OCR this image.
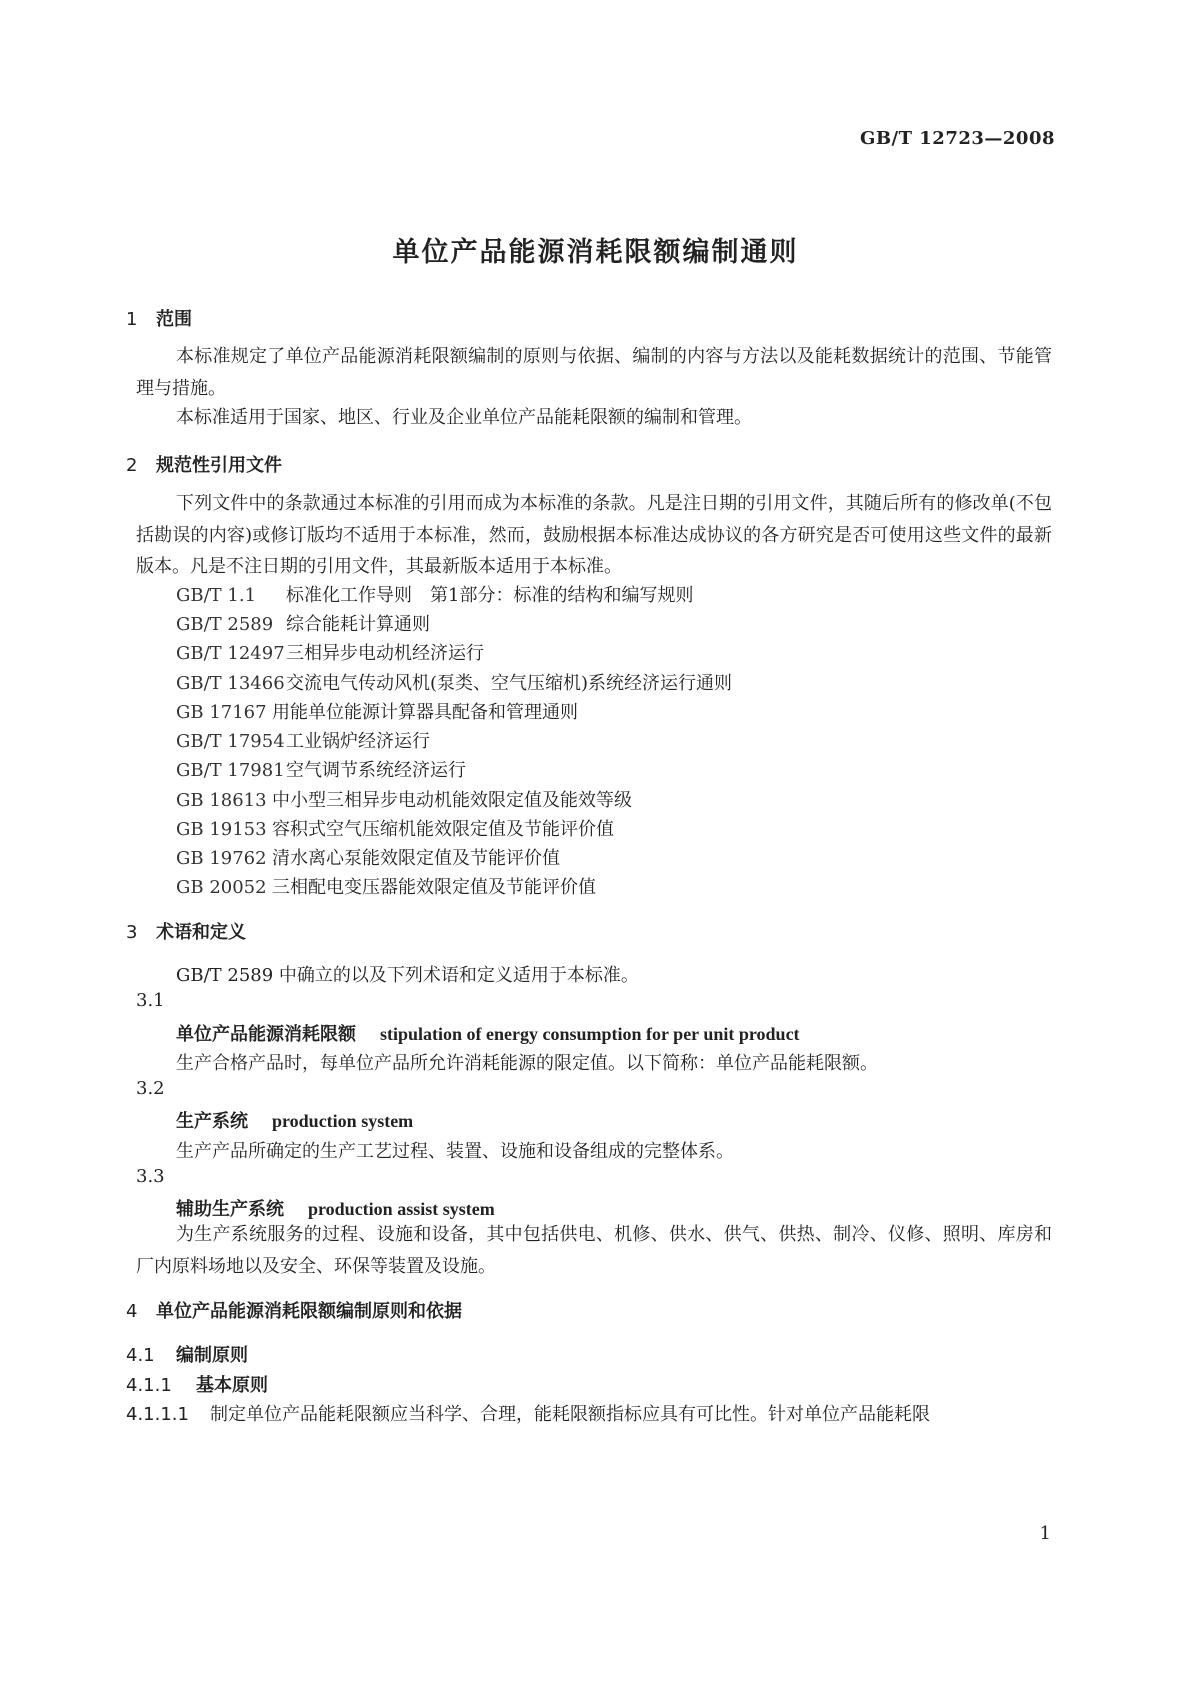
GB/T 12723—2008
单位产品能源消耗限额编制通则
1 范围
本标准规定了单位产品能源消耗限额编制的原则与依据、编制的内容与方法以及能耗数据统计的范围、节能管理与措施。
本标准适用于国家、地区、行业及企业单位产品能耗限额的编制和管理。
2 规范性引用文件
下列文件中的条款通过本标准的引用而成为本标准的条款。凡是注日期的引用文件，其随后所有的修改单(不包括勘误的内容)或修订版均不适用于本标准，然而，鼓励根据本标准达成协议的各方研究是否可使用这些文件的最新版本。凡是不注日期的引用文件，其最新版本适用于本标准。
GB/T 1.1 标准化工作导则　第1部分：标准的结构和编写规则
GB/T 2589 综合能耗计算通则
GB/T 12497三相异步电动机经济运行
GB/T 13466交流电气传动风机(泵类、空气压缩机)系统经济运行通则
GB 17167 用能单位能源计算器具配备和管理通则
GB/T 17954工业锅炉经济运行
GB/T 17981空气调节系统经济运行
GB 18613 中小型三相异步电动机能效限定值及能效等级
GB 19153 容积式空气压缩机能效限定值及节能评价值
GB 19762 清水离心泵能效限定值及节能评价值
GB 20052 三相配电变压器能效限定值及节能评价值
3 术语和定义
GB/T 2589 中确立的以及下列术语和定义适用于本标准。
3.1
单位产品能源消耗限额 stipulation of energy consumption for per unit product
生产合格产品时，每单位产品所允许消耗能源的限定值。以下简称：单位产品能耗限额。
3.2
生产系统 production system
生产产品所确定的生产工艺过程、装置、设施和设备组成的完整体系。
3.3
辅助生产系统 production assist system
为生产系统服务的过程、设施和设备，其中包括供电、机修、供水、供气、供热、制冷、仪修、照明、库房和厂内原料场地以及安全、环保等装置及设施。
4 单位产品能源消耗限额编制原则和依据
4.1 编制原则
4.1.1 基本原则
4.1.1.1 制定单位产品能耗限额应当科学、合理，能耗限额指标应具有可比性。针对单位产品能耗限
1
